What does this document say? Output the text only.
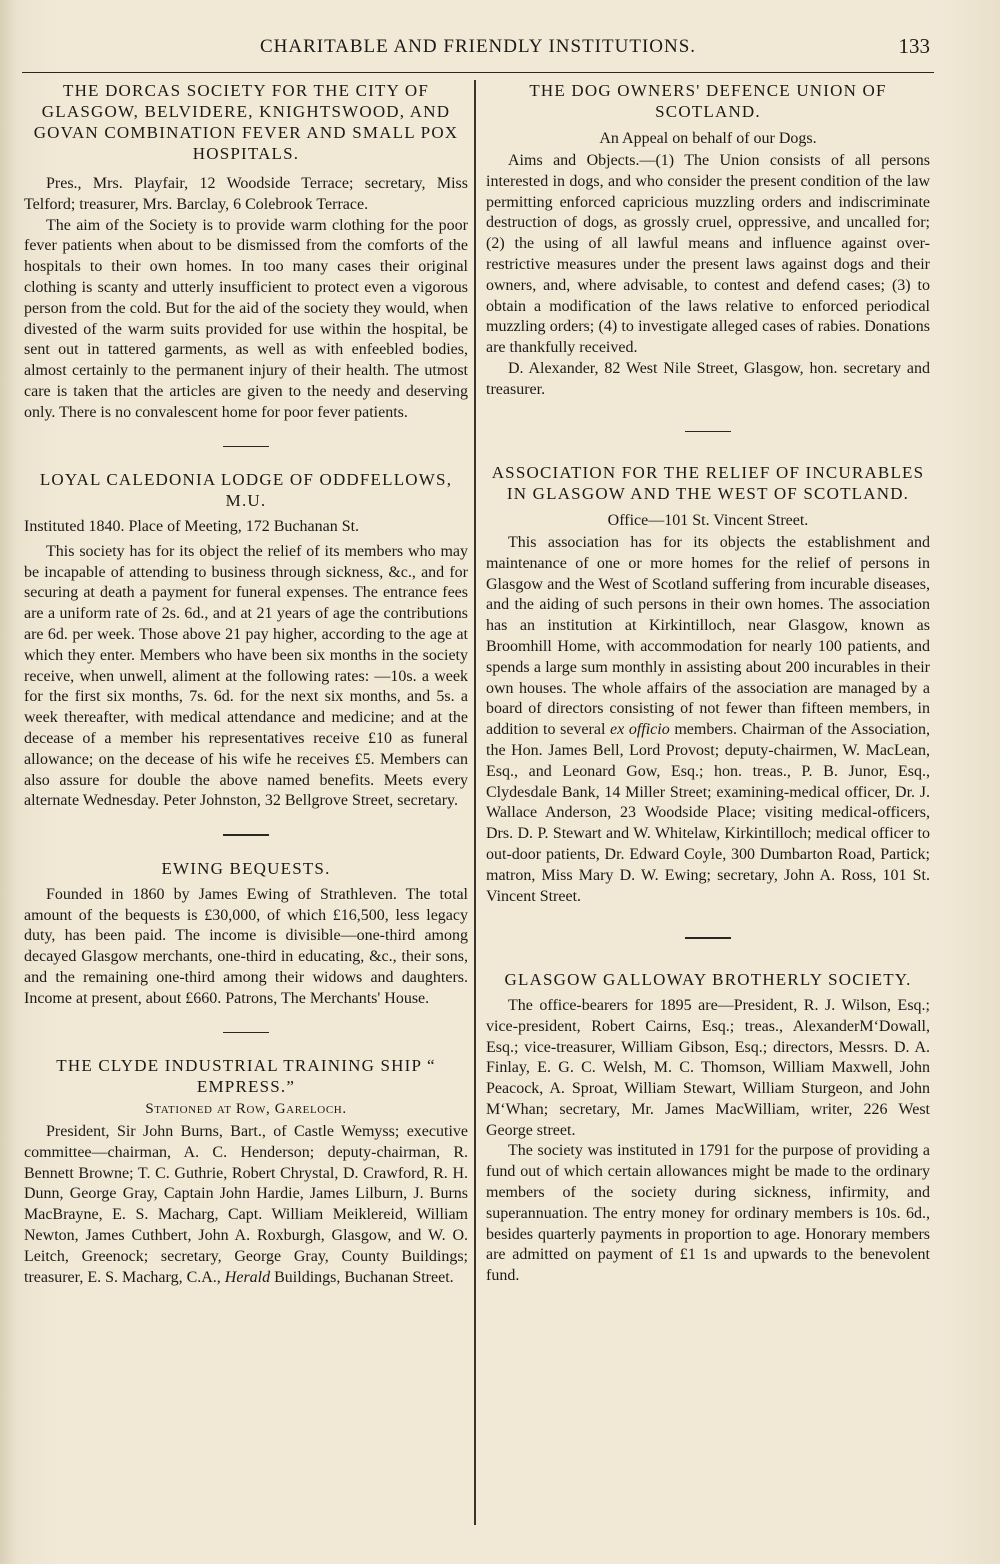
CHARITABLE AND FRIENDLY INSTITUTIONS.	133
THE DORCAS SOCIETY FOR THE CITY OF GLASGOW, BELVIDERE, KNIGHTSWOOD, AND GOVAN COMBINATION FEVER AND SMALL POX HOSPITALS.

Pres., Mrs. Playfair, 12 Woodside Terrace; secretary, Miss Telford; treasurer, Mrs. Barclay, 6 Colebrook Terrace.

The aim of the Society is to provide warm clothing for the poor fever patients when about to be dismissed from the comforts of the hospitals to their own homes. In too many cases their original clothing is scanty and utterly insufficient to protect even a vigorous person from the cold. But for the aid of the society they would, when divested of the warm suits provided for use within the hospital, be sent out in tattered garments, as well as with enfeebled bodies, almost certainly to the permanent injury of their health. The utmost care is taken that the articles are given to the needy and deserving only. There is no convalescent home for poor fever patients.

LOYAL CALEDONIA LODGE OF ODDFELLOWS, M.U.

Instituted 1840. Place of Meeting, 172 Buchanan St.

This society has for its object the relief of its members who may be incapable of attending to business through sickness, &c., and for securing at death a payment for funeral expenses. The entrance fees are a uniform rate of 2s. 6d., and at 21 years of age the contributions are 6d. per week. Those above 21 pay higher, according to the age at which they enter. Members who have been six months in the society receive, when unwell, aliment at the following rates: —10s. a week for the first six months, 7s. 6d. for the next six months, and 5s. a week thereafter, with medical attendance and medicine; and at the decease of a member his representatives receive £10 as funeral allowance; on the decease of his wife he receives £5. Members can also assure for double the above named benefits. Meets every alternate Wednesday. Peter Johnston, 32 Bellgrove Street, secretary.

EWING BEQUESTS.

Founded in 1860 by James Ewing of Strathleven. The total amount of the bequests is £30,000, of which £16,500, less legacy duty, has been paid. The income is divisible—one-third among decayed Glasgow merchants, one-third in educating, &c., their sons, and the remaining one-third among their widows and daughters. Income at present, about £660. Patrons, The Merchants' House.

THE CLYDE INDUSTRIAL TRAINING SHIP “ EMPRESS.”
Stationed at Row, Gareloch.

President, Sir John Burns, Bart., of Castle Wemyss; executive committee—chairman, A. C. Henderson; deputy-chairman, R. Bennett Browne; T. C. Guthrie, Robert Chrystal, D. Crawford, R. H. Dunn, George Gray, Captain John Hardie, James Lilburn, J. Burns MacBrayne, E. S. Macharg, Capt. William Meiklereid, William Newton, James Cuthbert, John A. Roxburgh, Glasgow, and W. O. Leitch, Greenock; secretary, George Gray, County Buildings; treasurer, E. S. Macharg, C.A., Herald Buildings, Buchanan Street.

THE DOG OWNERS' DEFENCE UNION OF SCOTLAND.
An Appeal on behalf of our Dogs.

Aims and Objects.—(1) The Union consists of all persons interested in dogs, and who consider the present condition of the law permitting enforced capricious muzzling orders and indiscriminate destruction of dogs, as grossly cruel, oppressive, and uncalled for; (2) the using of all lawful means and influence against over-restrictive measures under the present laws against dogs and their owners, and, where advisable, to contest and defend cases; (3) to obtain a modification of the laws relative to enforced periodical muzzling orders; (4) to investigate alleged cases of rabies. Donations are thankfully received.

D. Alexander, 82 West Nile Street, Glasgow, hon. secretary and treasurer.

ASSOCIATION FOR THE RELIEF OF INCURABLES IN GLASGOW AND THE WEST OF SCOTLAND.
Office—101 St. Vincent Street.

This association has for its objects the establishment and maintenance of one or more homes for the relief of persons in Glasgow and the West of Scotland suffering from incurable diseases, and the aiding of such persons in their own homes. The association has an institution at Kirkintilloch, near Glasgow, known as Broomhill Home, with accommodation for nearly 100 patients, and spends a large sum monthly in assisting about 200 incurables in their own houses. The whole affairs of the association are managed by a board of directors consisting of not fewer than fifteen members, in addition to several ex officio members. Chairman of the Association, the Hon. James Bell, Lord Provost; deputy-chairmen, W. MacLean, Esq., and Leonard Gow, Esq.; hon. treas., P. B. Junor, Esq., Clydesdale Bank, 14 Miller Street; examining-medical officer, Dr. J. Wallace Anderson, 23 Woodside Place; visiting medical-officers, Drs. D. P. Stewart and W. Whitelaw, Kirkintilloch; medical officer to out-door patients, Dr. Edward Coyle, 300 Dumbarton Road, Partick; matron, Miss Mary D. W. Ewing; secretary, John A. Ross, 101 St. Vincent Street.

GLASGOW GALLOWAY BROTHERLY SOCIETY.

The office-bearers for 1895 are—President, R. J. Wilson, Esq.; vice-president, Robert Cairns, Esq.; treas., AlexanderM‘Dowall, Esq.; vice-treasurer, William Gibson, Esq.; directors, Messrs. D. A. Finlay, E. G. C. Welsh, M. C. Thomson, William Maxwell, John Peacock, A. Sproat, William Stewart, William Sturgeon, and John M‘Whan; secretary, Mr. James MacWilliam, writer, 226 West George street.

The society was instituted in 1791 for the purpose of providing a fund out of which certain allowances might be made to the ordinary members of the society during sickness, infirmity, and superannuation. The entry money for ordinary members is 10s. 6d., besides quarterly payments in proportion to age. Honorary members are admitted on payment of £1 1s and upwards to the benevolent fund.
